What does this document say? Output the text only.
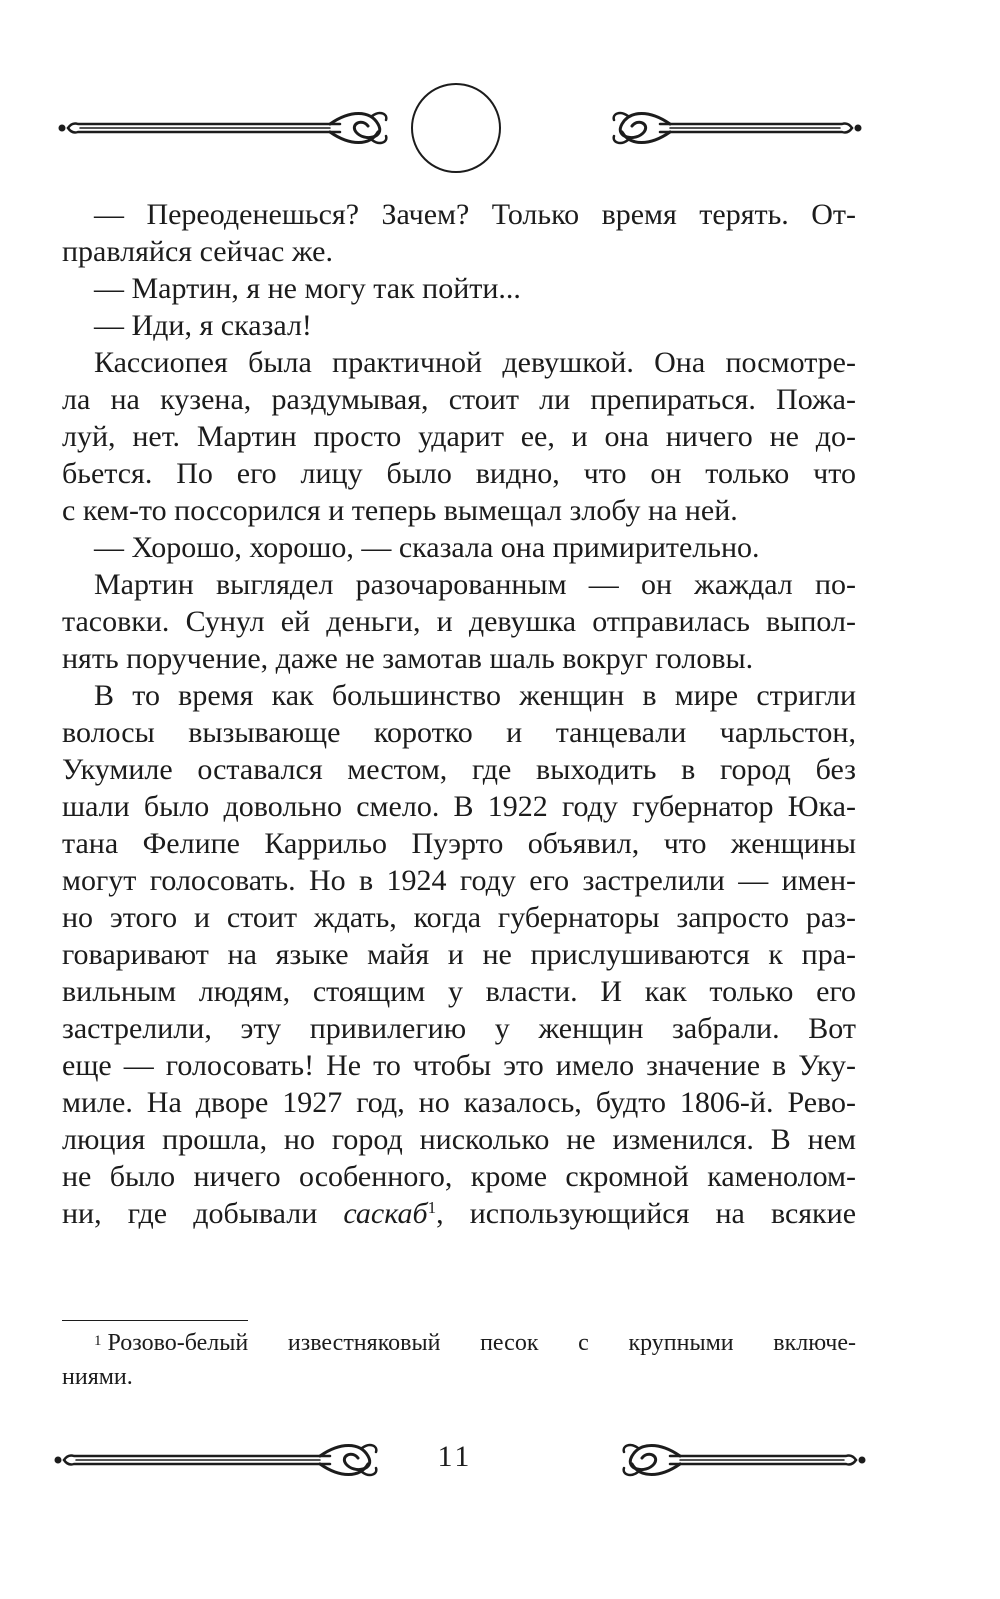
— Переоденешься? Зачем? Только время терять. От-
правляйся сейчас же.
— Мартин, я не могу так пойти...
— Иди, я сказал!
Кассиопея была практичной девушкой. Она посмотре-
ла на кузена, раздумывая, стоит ли препираться. Пожа-
луй, нет. Мартин просто ударит ее, и она ничего не до-
бьется. По его лицу было видно, что он только что
с кем-то поссорился и теперь вымещал злобу на ней.
— Хорошо, хорошо, — сказала она примирительно.
Мартин выглядел разочарованным — он жаждал по-
тасовки. Сунул ей деньги, и девушка отправилась выпол-
нять поручение, даже не замотав шаль вокруг головы.
В то время как большинство женщин в мире стригли
волосы вызывающе коротко и танцевали чарльстон,
Укумиле оставался местом, где выходить в город без
шали было довольно смело. В 1922 году губернатор Юка-
тана Фелипе Каррильо Пуэрто объявил, что женщины
могут голосовать. Но в 1924 году его застрелили — имен-
но этого и стоит ждать, когда губернаторы запросто раз-
говаривают на языке майя и не прислушиваются к пра-
вильным людям, стоящим у власти. И как только его
застрелили, эту привилегию у женщин забрали. Вот
еще — голосовать! Не то чтобы это имело значение в Уку-
миле. На дворе 1927 год, но казалось, будто 1806-й. Рево-
люция прошла, но город нисколько не изменился. В нем
не было ничего особенного, кроме скромной каменолом-
ни, где добывали саскаб$^1$, использующийся на всякие
$^1$ Розово-белый известняковый песок с крупными включе-
ниями.
11
